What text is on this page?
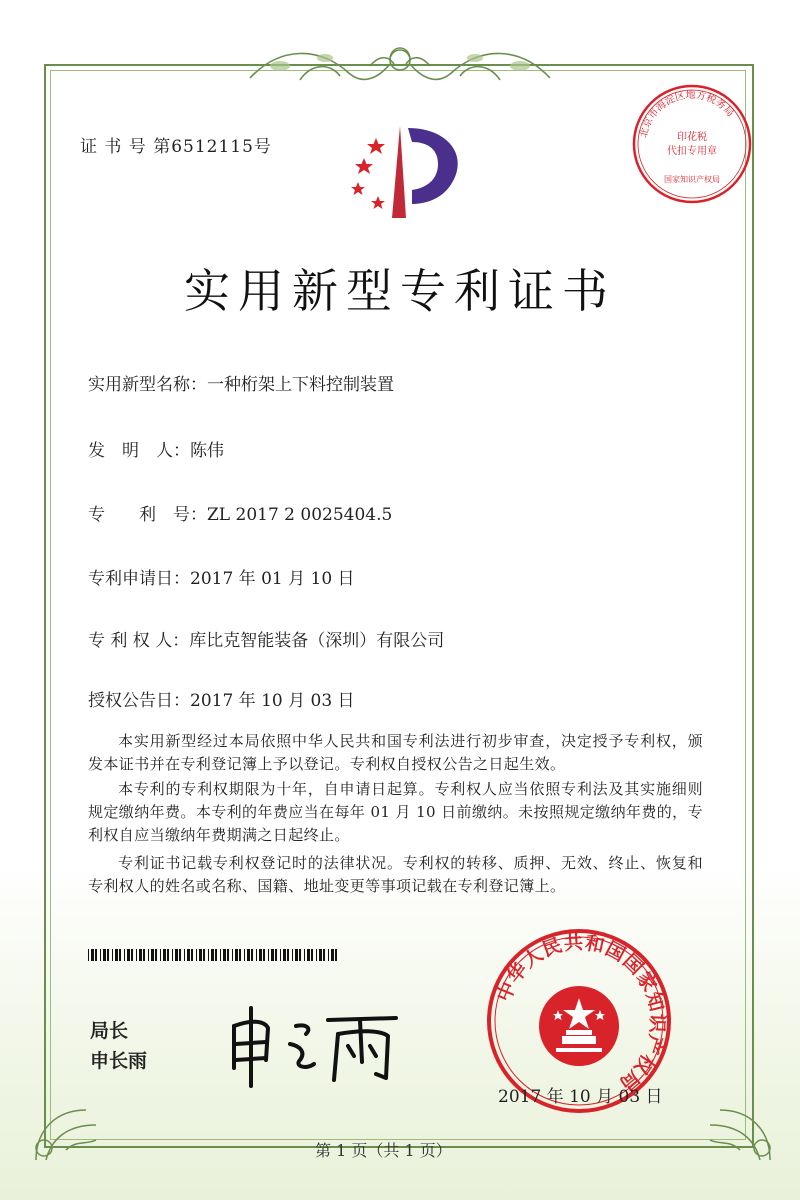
证 书 号 第6512115号
北京市海淀区地方税务局
印花税
代扣专用章
国家知识产权局
实用新型专利证书
实用新型名称：一种桁架上下料控制装置
发　明　人：陈伟
专　　利　号：ZL 2017 2 0025404.5
专利申请日：2017 年 01 月 10 日
专 利 权 人：库比克智能装备（深圳）有限公司
授权公告日：2017 年 10 月 03 日
本实用新型经过本局依照中华人民共和国专利法进行初步审查，决定授予专利权，颁发本证书并在专利登记簿上予以登记。专利权自授权公告之日起生效。
本专利的专利权期限为十年，自申请日起算。专利权人应当依照专利法及其实施细则规定缴纳年费。本专利的年费应当在每年 01 月 10 日前缴纳。未按照规定缴纳年费的，专利权自应当缴纳年费期满之日起终止。
专利证书记载专利权登记时的法律状况。专利权的转移、质押、无效、终止、恢复和专利权人的姓名或名称、国籍、地址变更等事项记载在专利登记簿上。
局长
申长雨
中华人民共和国国家知识产权局
2017 年 10 月 03 日
第 1 页（共 1 页）
